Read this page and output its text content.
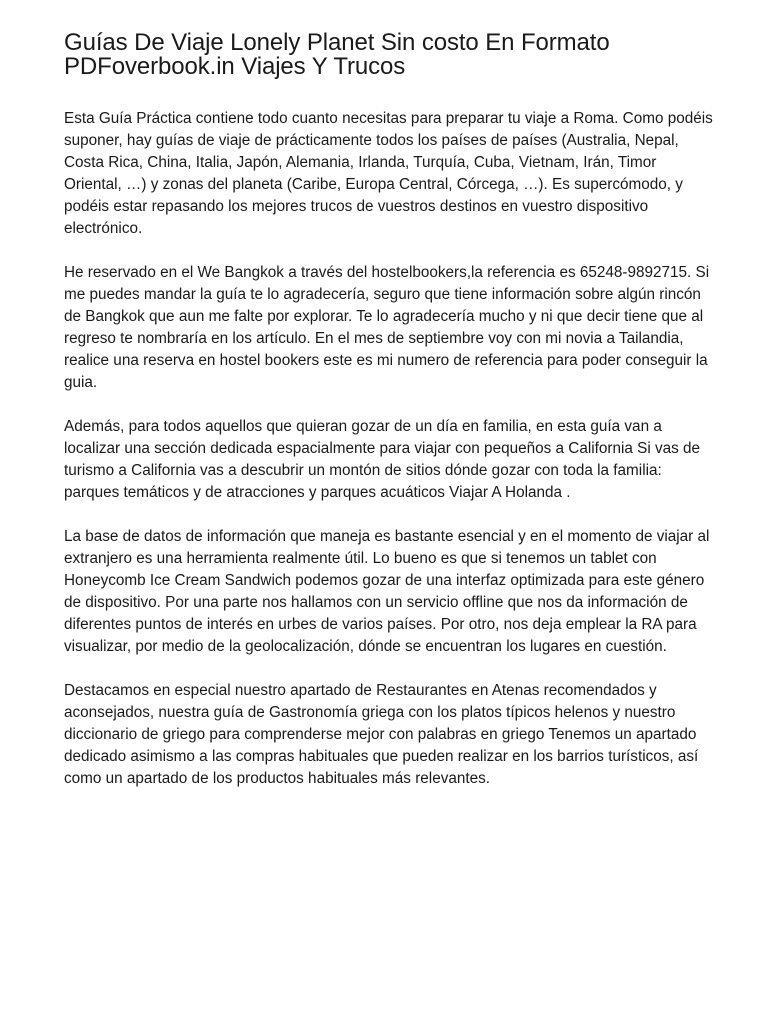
Guías De Viaje Lonely Planet Sin costo En Formato
PDFoverbook.in Viajes Y Trucos

Esta Guía Práctica contiene todo cuanto necesitas para preparar tu viaje a Roma. Como podéis suponer, hay guías de viaje de prácticamente todos los países de países (Australia, Nepal, Costa Rica, China, Italia, Japón, Alemania, Irlanda, Turquía, Cuba, Vietnam, Irán, Timor Oriental, …) y zonas del planeta (Caribe, Europa Central, Córcega, …). Es supercómodo, y podéis estar repasando los mejores trucos de vuestros destinos en vuestro dispositivo electrónico.

He reservado en el We Bangkok a través del hostelbookers,la referencia es 65248-9892715. Si me puedes mandar la guía te lo agradecería, seguro que tiene información sobre algún rincón de Bangkok que aun me falte por explorar. Te lo agradecería mucho y ni que decir tiene que al regreso te nombraría en los artículo. En el mes de septiembre voy con mi novia a Tailandia, realice una reserva en hostel bookers este es mi numero de referencia para poder conseguir la guia.

Además, para todos aquellos que quieran gozar de un día en familia, en esta guía van a localizar una sección dedicada espacialmente para viajar con pequeños a California Si vas de turismo a California vas a descubrir un montón de sitios dónde gozar con toda la familia: parques temáticos y de atracciones y parques acuáticos Viajar A Holanda .

La base de datos de información que maneja es bastante esencial y en el momento de viajar al extranjero es una herramienta realmente útil. Lo bueno es que si tenemos un tablet con Honeycomb Ice Cream Sandwich podemos gozar de una interfaz optimizada para este género de dispositivo. Por una parte nos hallamos con un servicio offline que nos da información de diferentes puntos de interés en urbes de varios países. Por otro, nos deja emplear la RA para visualizar, por medio de la geolocalización, dónde se encuentran los lugares en cuestión.

Destacamos en especial nuestro apartado de Restaurantes en Atenas recomendados y aconsejados, nuestra guía de Gastronomía griega con los platos típicos helenos y nuestro diccionario de griego para comprenderse mejor con palabras en griego Tenemos un apartado dedicado asimismo a las compras habituales que pueden realizar en los barrios turísticos, así como un apartado de los productos habituales más relevantes.
